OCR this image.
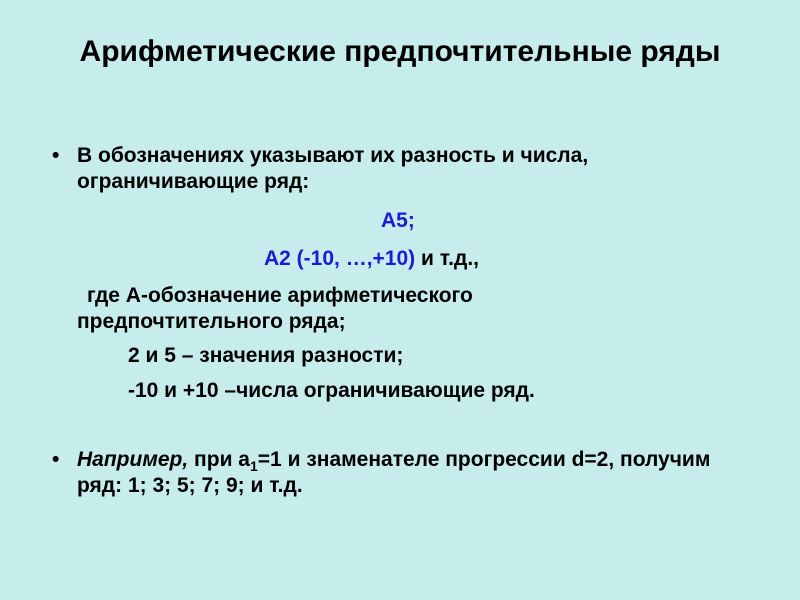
Арифметические предпочтительные ряды
• В обозначениях указывают их разность и числа, ограничивающие ряд:
А5;
А2 (-10, …,+10) и т.д.,
где А-обозначение арифметического предпочтительного ряда;
2 и 5 – значения разности;
-10 и +10 –числа ограничивающие ряд.
• Например, при $а_1=1$ и знаменателе прогрессии d=2, получим ряд: 1; 3; 5; 7; 9; и т.д.
